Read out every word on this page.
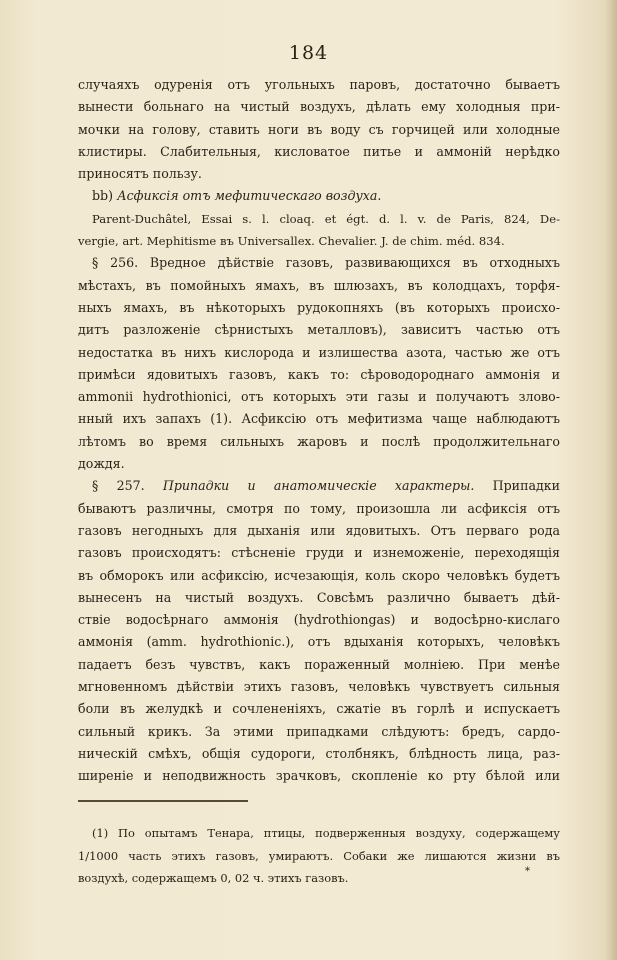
184
случаяхъ одуренія отъ угольныхъ паровъ, достаточно бываетъ
вынести больнаго на чистый воздухъ, дѣлать ему холодныя при-
мочки на голову, ставить ноги въ воду съ горчицей или холодные
клистиры. Слабительныя, кисловатое питье и аммоній нерѣдко
приносятъ пользу.
bb) Асфиксія отъ мефитическаго воздуха.
Parent-Duchâtel, Essai s. l. cloaq. et égt. d. l. v. de Paris, 824, De-
vergie, art. Mephitisme въ Universallex. Chevalier. J. de chim. méd. 834.
§ 256. Вредное дѣйствіе газовъ, развивающихся въ отходныхъ
мѣстахъ, въ помойныхъ ямахъ, въ шлюзахъ, въ колодцахъ, торфя-
ныхъ ямахъ, въ нѣкоторыхъ рудокопняхъ (въ которыхъ происхо-
дитъ разложеніе сѣрнистыхъ металловъ), зависитъ частью отъ
недостатка въ нихъ кислорода и излишества азота, частью же отъ
примѣси ядовитыхъ газовъ, какъ то: сѣроводороднаго аммонія и
ammonii hydrothionici, отъ которыхъ эти газы и получаютъ злово-
нный ихъ запахъ (1). Асфиксію отъ мефитизма чаще наблюдаютъ
лѣтомъ во время сильныхъ жаровъ и послѣ продолжительнаго
дождя.
§ 257. Припадки и анатомическіе характеры. Припадки
бываютъ различны, смотря по тому, произошла ли асфиксія отъ
газовъ негодныхъ для дыханія или ядовитыхъ. Отъ перваго рода
газовъ происходятъ: стѣсненіе груди и изнеможеніе, переходящія
въ обморокъ или асфиксію, исчезающія, коль скоро человѣкъ будетъ
вынесенъ на чистый воздухъ. Совсѣмъ различно бываетъ дѣй-
ствіе водосѣрнаго аммонія (hydrothiongas) и водосѣрно-кислаго
аммонія (amm. hydrothionic.), отъ вдыханія которыхъ, человѣкъ
падаетъ безъ чувствъ, какъ пораженный молніею. При менѣе
мгновенномъ дѣйствіи этихъ газовъ, человѣкъ чувствуетъ сильныя
боли въ желудкѣ и сочлененіяхъ, сжатіе въ горлѣ и испускаетъ
сильный крикъ. За этими припадками слѣдуютъ: бредъ, сардо-
ническій смѣхъ, общія судороги, столбнякъ, блѣдность лица, раз-
ширеніе и неподвижность зрачковъ, скопленіе ко рту бѣлой или
(1) По опытамъ Тенара, птицы, подверженныя воздуху, содержащему
1/1000 часть этихъ газовъ, умираютъ. Собаки же лишаются жизни въ
воздухѣ, содержащемъ 0, 02 ч. этихъ газовъ.	*
